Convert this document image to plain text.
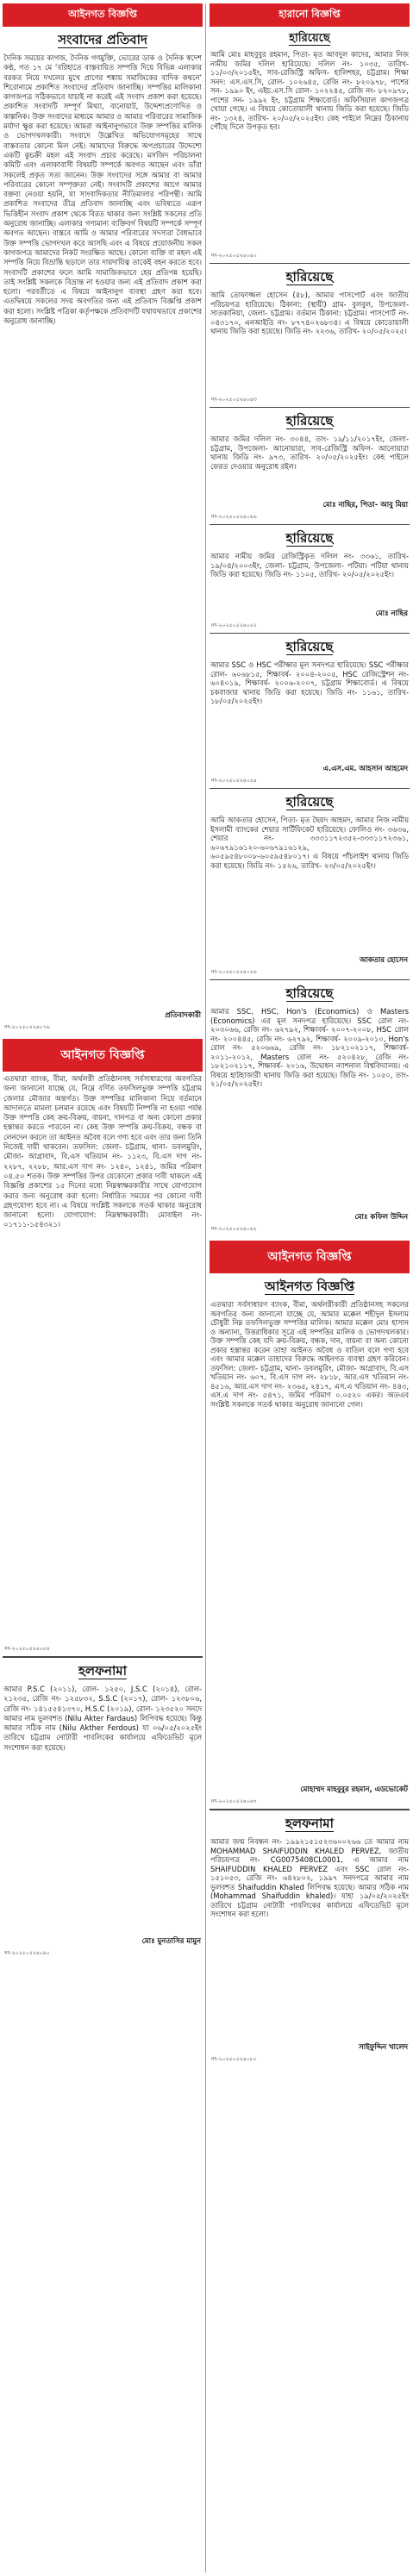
আইনগত বিজ্ঞপ্তি
সংবাদের প্রতিবাদ
দৈনিক সময়ের কাগজ, দৈনিক গণমুক্তি, ভোরের ডাক ও দৈনিক স্বদেশ কণ্ঠ, গত ১৭ মে ‘বরিহাতে বাস্তবায়িত সম্পত্তি দিয়ে বিভিন্ন এলাকার বরকত নিয়ে দখলের মুখে প্রাণের শঙ্কায় সমাজিকের বাদিক কথনে’ শিরোনামে প্রকাশিত সংবাদের প্রতিবাদ জানাচ্ছি। সম্পত্তির মালিকানা কাগজপত্র সঠিকভাবে যাচাই না করেই এই সংবাদ প্রকাশ করা হয়েছে। প্রকাশিত সংবাদটি সম্পূর্ণ মিথ্যা, বানোয়াট, উদ্দেশ্যপ্রণোদিত ও কাল্পনিক। উক্ত সংবাদের মাধ্যমে আমার ও আমার পরিবারের সামাজিক মর্যাদা ক্ষুণ্ণ করা হয়েছে। আমরা আইনানুগভাবে উক্ত সম্পত্তির মালিক ও ভোগদখলকারী। সংবাদে উল্লেখিত অভিযোগসমূহের সাথে বাস্তবতার কোনো মিল নেই। আমাদের বিরুদ্ধে অপপ্রচারের উদ্দেশ্যে একটি কুচক্রী মহল এই সংবাদ প্রচার করেছে। মসজিদ পরিচালনা কমিটি এবং এলাকাবাসী বিষয়টি সম্পর্কে অবগত আছেন এবং তাঁরা সকলেই প্রকৃত সত্য জানেন। উক্ত সংবাদের সঙ্গে আমার বা আমার পরিবারের কোনো সম্পৃক্ততা নেই। সংবাদটি প্রকাশের আগে আমার বক্তব্য নেওয়া হয়নি, যা সাংবাদিকতার নীতিমালার পরিপন্থী। আমি প্রকাশিত সংবাদের তীব্র প্রতিবাদ জানাচ্ছি এবং ভবিষ্যতে এরূপ ভিত্তিহীন সংবাদ প্রকাশ থেকে বিরত থাকার জন্য সংশ্লিষ্ট সকলের প্রতি অনুরোধ জানাচ্ছি। এলাকার গণ্যমান্য ব্যক্তিবর্গ বিষয়টি সম্পর্কে সম্পূর্ণ অবগত আছেন। বাস্তবে আমি ও আমার পরিবারের সদস্যরা বৈধভাবে উক্ত সম্পত্তি ভোগদখল করে আসছি এবং এ বিষয়ে প্রয়োজনীয় সকল কাগজপত্র আমাদের নিকট সংরক্ষিত আছে। কোনো ব্যক্তি বা মহল এই সম্পত্তি নিয়ে বিভ্রান্তি ছড়ালে তার দায়দায়িত্ব তাকেই বহন করতে হবে। সংবাদটি প্রকাশের ফলে আমি সামাজিকভাবে হেয় প্রতিপন্ন হয়েছি। তাই সংশ্লিষ্ট সকলকে বিভ্রান্ত না হওয়ার জন্য এই প্রতিবাদ প্রকাশ করা হলো। পরবর্তীতে এ বিষয়ে আইনানুগ ব্যবস্থা গ্রহণ করা হবে। এতদ্বিষয়ে সকলের সদয় অবগতির জন্য এই প্রতিবাদ বিজ্ঞপ্তি প্রকাশ করা হলো। সংশ্লিষ্ট পত্রিকা কর্তৃপক্ষকে প্রতিবাদটি যথাযথভাবে প্রকাশের অনুরোধ জানাচ্ছি।
প্রতিবাদকারী
নং-২০২৫০৫২৪০৭৬
আইনগত বিজ্ঞপ্তি
এতদ্বারা ব্যাংক, বীমা, অর্থলগ্নী প্রতিষ্ঠানসহ সর্বসাধারণের অবগতির জন্য জানানো যাচ্ছে যে, নিম্নে বর্ণিত তফসিলভুক্ত সম্পত্তি চট্টগ্রাম জেলার মৌজার অন্তর্গত। উক্ত সম্পত্তির মালিকানা নিয়ে বর্তমানে আদালতে মামলা চলমান রয়েছে এবং বিষয়টি নিষ্পত্তি না হওয়া পর্যন্ত উক্ত সম্পত্তি কেহ ক্রয়-বিক্রয়, বায়না, দানপত্র বা অন্য কোনো প্রকার হস্তান্তর করতে পারবেন না। কেহ উক্ত সম্পত্তি ক্রয়-বিক্রয়, বন্ধক বা লেনদেন করলে তা আইনত অবৈধ বলে গণ্য হবে এবং তার জন্য তিনি নিজেই দায়ী থাকবেন। তফসিল: জেলা- চট্টগ্রাম, থানা- ডবলমুরিং, মৌজা- আগ্রাবাদ, বি.এস খতিয়ান নং- ১১২৩, বি.এস দাগ নং- ২২৮৭, ২২৮৮, আর.এস দাগ নং- ১২৪০, ১২৪১, জমির পরিমাণ ০৪.৫০ শতক। উক্ত সম্পত্তির উপর যেকোনো প্রকার দাবী থাকলে এই বিজ্ঞপ্তি প্রকাশের ১৫ দিনের মধ্যে নিম্নস্বাক্ষরকারীর সাথে যোগাযোগ করার জন্য অনুরোধ করা হলো। নির্ধারিত সময়ের পর কোনো দাবী গ্রহণযোগ্য হবে না। এ বিষয়ে সংশ্লিষ্ট সকলকে সতর্ক থাকার অনুরোধ জানানো হলো। যোগাযোগ: নিম্নস্বাক্ষরকারী। মোবাইল নং- ০১৭১১-১৫৪৩২১।
নং-২০২৫০৫২৪০৮৪
হলফনামা
আমার P.S.C (২০১১), রোল- ১২৫০, J.S.C (২০১৪), রোল- ২১২৩৫, রেজি নং- ১২৫৮৩২, S.S.C (২০১৭), রোল- ১২৩৮০৬, রেজি নং- ১৪১৫৫৪১৩৭০, H.S.C (২০১৯), রোল- ১২৩৫২০ সনদে আমার নাম ভুলবশত (Nilu Akter Fardaus) লিপিবদ্ধ হয়েছে। কিন্তু আমার সঠিক নাম (Nilu Akther Ferdous) যা ০৬/০৫/২০২৫ইং তারিখে চট্টগ্রাম নোটারী পাবলিকের কার্যালয়ে এফিডেভিট মূলে সংশোধন করা হয়েছে।
মোঃ মুনতাসির মামুন
নং-২০২৫০৫২৪০৯০
হারানো বিজ্ঞপ্তি
হারিয়েছে
আমি মোঃ মাহবুবুর রহমান, পিতা- মৃত আবদুল কাদের, আমার নিজ নামীয় জমির দলিল হারিয়েছে। দলিল নং- ১০৩৫, তারিখ- ১১/০৩/২০১৫ইং, সাব-রেজিস্ট্রি অফিস- হালিশহর, চট্টগ্রাম। শিক্ষা সনদ: এস.এস.সি, রোল- ১০২৬৪৫, রেজি নং- ৮২০৯৭৮, পাশের সন- ১৯৯০ ইং, এইচ.এস.সি রোল- ১০২২৪৫, রেজি নং- ৮২০৯৭৮, পাশের সন- ১৯৯২ ইং, চট্টগ্রাম শিক্ষাবোর্ড। অফিসিয়াল কাগজপত্র খোয়া গেছে। এ বিষয়ে কোতোয়ালী থানায় জিডি করা হয়েছে। জিডি নং- ১৩২৪, তারিখ- ২০/০৫/২০২৫ইং। কেহ পাইলে নিম্নের ঠিকানায় পৌঁছে দিলে উপকৃত হব।
নং-২০২৫০৫২৪০৪০
হারিয়েছে
আমি তোফাজ্জল হোসেন (৪৮), আমার পাসপোর্ট এবং জাতীয় পরিচয়পত্র হারিয়েছে। ঠিকানা: (স্থায়ী) গ্রাম- বুলবুল, উপজেলা- সাতকানিয়া, জেলা- চট্টগ্রাম। বর্তমান ঠিকানা: চট্টগ্রাম। পাসপোর্ট নং- ০৪৩১৭০, এনআইডি নং- ৮৭৭৪০২৬৮৩৪। এ বিষয়ে কোতোয়ালী থানায় জিডি করা হয়েছে। জিডি নং- ২২৩৬, তারিখ- ২০/০৫/২০২৫।
নং-২০২৫০৫২৪০৪৩
হারিয়েছে
আমার জমির দলিল নং- ৩০৪৪, তাং- ১৯/১১/২০১৭ইং, জেলা- চট্টগ্রাম, উপজেলা- আনোয়ারা, সাব-রেজিস্ট্রি অফিস- আনোয়ারা থানায় জিডি নং- ৯৭৩, তারিখ- ২০/০৫/২০২৫ইং। কেহ পাইলে ফেরত দেওয়ার অনুরোধ রইল।
মোঃ নাছির, পিতা- আবু মিয়া
নং-২০২৫০৫২৪০৪৬
হারিয়েছে
আমার নামীয় জমির রেজিস্ট্রিকৃত দলিল নং- ৩৩৬১, তারিখ- ১৯/০৪/২০০৩ইং, জেলা- চট্টগ্রাম, উপজেলা- পটিয়া। পটিয়া থানায় জিডি করা হয়েছে। জিডি নং- ১১০৫, তারিখ- ২০/০৫/২০২৫ইং।
মোঃ নাছির
নং-২০২৫০৫২৪০৫২
হারিয়েছে
আমার SSC ও HSC পরীক্ষার মূল সনদপত্র হারিয়েছে। SSC পরীক্ষার রোল- ৬০৬৮১৫, শিক্ষাবর্ষ- ২০০৪-২০০৫, HSC রেজিস্ট্রেশন নং- ৬০৪০১৯, শিক্ষাবর্ষ- ২০০৬-২০০৭, চট্টগ্রাম শিক্ষাবোর্ড। এ বিষয়ে চকবাজার থানায় জিডি করা হয়েছে। জিডি নং- ১১৬১, তারিখ- ১৮/০৫/২০২৫ইং।
এ.এস.এম. আহসান আহমেদ
নং-২০২৫০৫২৪০৫৪
হারিয়েছে
আমি আকতার হোসেন, পিতা- মৃত ছৈয়দ আহমদ, আমার নিজ নামীয় ইসলামী ব্যাংকের শেয়ার সার্টিফিকেট হারিয়েছে। ফোলিও নং- ৩৬৩৬, শেয়ার নং- ৩৩৩১১৭২৩৫২-৩৩৩১১৭২৩৬১, ৬০৬৭৯১৬১২০-৬০৬৭৯১৬১২৯, ৬০৫৯৫৪৮০০৮-৬০৫৯৫৪৮০১৭। এ বিষয়ে পাঁচলাইশ থানায় জিডি করা হয়েছে। জিডি নং- ১৫২৬, তারিখ- ২৩/০৫/২০২৫ইং।
আকতার হোসেন
নং-২০২৫০৫২৪০৫৬
হারিয়েছে
আমার SSC, HSC, Hon's (Economics) ও Masters (Economics) এর মূল সনদপত্র হারিয়েছে। SSC রোল নং- ২০৩০৬৬, রেজি নং- ৬২৭৯২, শিক্ষাবর্ষ- ২০০৭-২০০৮, HSC রোল নং- ২০০৪৪৫, রেজি নং- ৬২৭৯২, শিক্ষাবর্ষ- ২০০৯-২০১০, Hon's রোল নং- ৫২০৬৬৯, রেজি নং- ১৮২১০২১১৭, শিক্ষাবর্ষ- ২০১১-২০১২, Masters রোল নং- ৫২০৪২৮, রেজি নং- ১৮২১০২১১৭, শিক্ষাবর্ষ- ২০১৬, উদ্বোধন ন্যাশনাল বিশ্ববিদ্যালয়। এ বিষয়ে হাটহাজারী থানায় জিডি করা হয়েছে। জিডি নং- ১০৫০, তাং- ২১/০৫/২০২৫ইং।
মোঃ কফিল উদ্দিন
নং-২০২৫০৫২৪০৬২
আইনগত বিজ্ঞপ্তি
আইনগত বিজ্ঞপ্তি
এতদ্বারা সর্বসাধারণ ব্যাংক, বীমা, অর্থলগ্নীকারী প্রতিষ্ঠানসহ সকলের অবগতির জন্য জানানো যাচ্ছে যে, আমার মক্কেল শহীদুল ইসলাম চৌধুরী নিম্ন তফসিলভুক্ত সম্পত্তির মালিক। আমার মক্কেল মোঃ হাসান ও অন্যান্য, উত্তরাধিকার সূত্রে এই সম্পত্তির মালিক ও ভোগদখলকার। উক্ত সম্পত্তি কেহ যদি ক্রয়-বিক্রয়, বন্ধক, দান, বায়না বা অন্য কোনো প্রকার হস্তান্তর করেন তাহা আইনত অবৈধ ও বাতিল বলে গণ্য হবে এবং আমার মক্কেল তাহাদের বিরুদ্ধে আইনগত ব্যবস্থা গ্রহণ করিবেন। তফসিল: জেলা- চট্টগ্রাম, থানা- ডবলমুরিং, মৌজা- আগ্রাবাদ, বি.এস খতিয়ান নং- ৬০৭, বি.এস দাগ নং- ২৮১৮, আর.এস খতিয়ান নং- ৪৫১৬, আর.এস দাগ নং- ২৩৬৫, ২৪১৭, এস.এ খতিয়ান নং- ৪৪৩, এস.এ দাগ নং- ৫৪৭১, জমির পরিমাণ ০.০৫২০ একর। অতএব সংশ্লিষ্ট সকলকে সতর্ক থাকার অনুরোধ জানানো গেল।
মোহাম্মদ মাহবুবুর রহমান, এডভোকেট
নং-২০২৫০৫২৪০৬৭
হলফনামা
আমার জন্ম নিবন্ধন নং- ১৯৯২১৫১৫২৩৬০০২৬৬ তে আমার নাম MOHAMMAD SHAIFUDDIN KHALED PERVEZ, জাতীয় পরিচয়পত্র নং- CG0075408CL0001, এ আমার নাম SHAIFUDDIN KHALED PERVEZ এবং SSC রোল নং- ১৫১০৫৩, রেজি নং- ৬৪২৮০২, ১৯৯৭ সনদপত্রে আমার নাম ভুলবশত Shaifuddin Khaled লিপিবদ্ধ হয়েছে। আমার সঠিক নাম (Mohammad Shaifuddin khaled)। যাহা ১৯/০৫/২০২৫ইং তারিখে চট্টগ্রাম নোটারী পাবলিকের কার্যালয়ে এফিডেভিট মূলে সংশোধন করা হলো।
সাইফুদ্দিন খালেদ
নং-২০২৫০৫২৪০৮০
